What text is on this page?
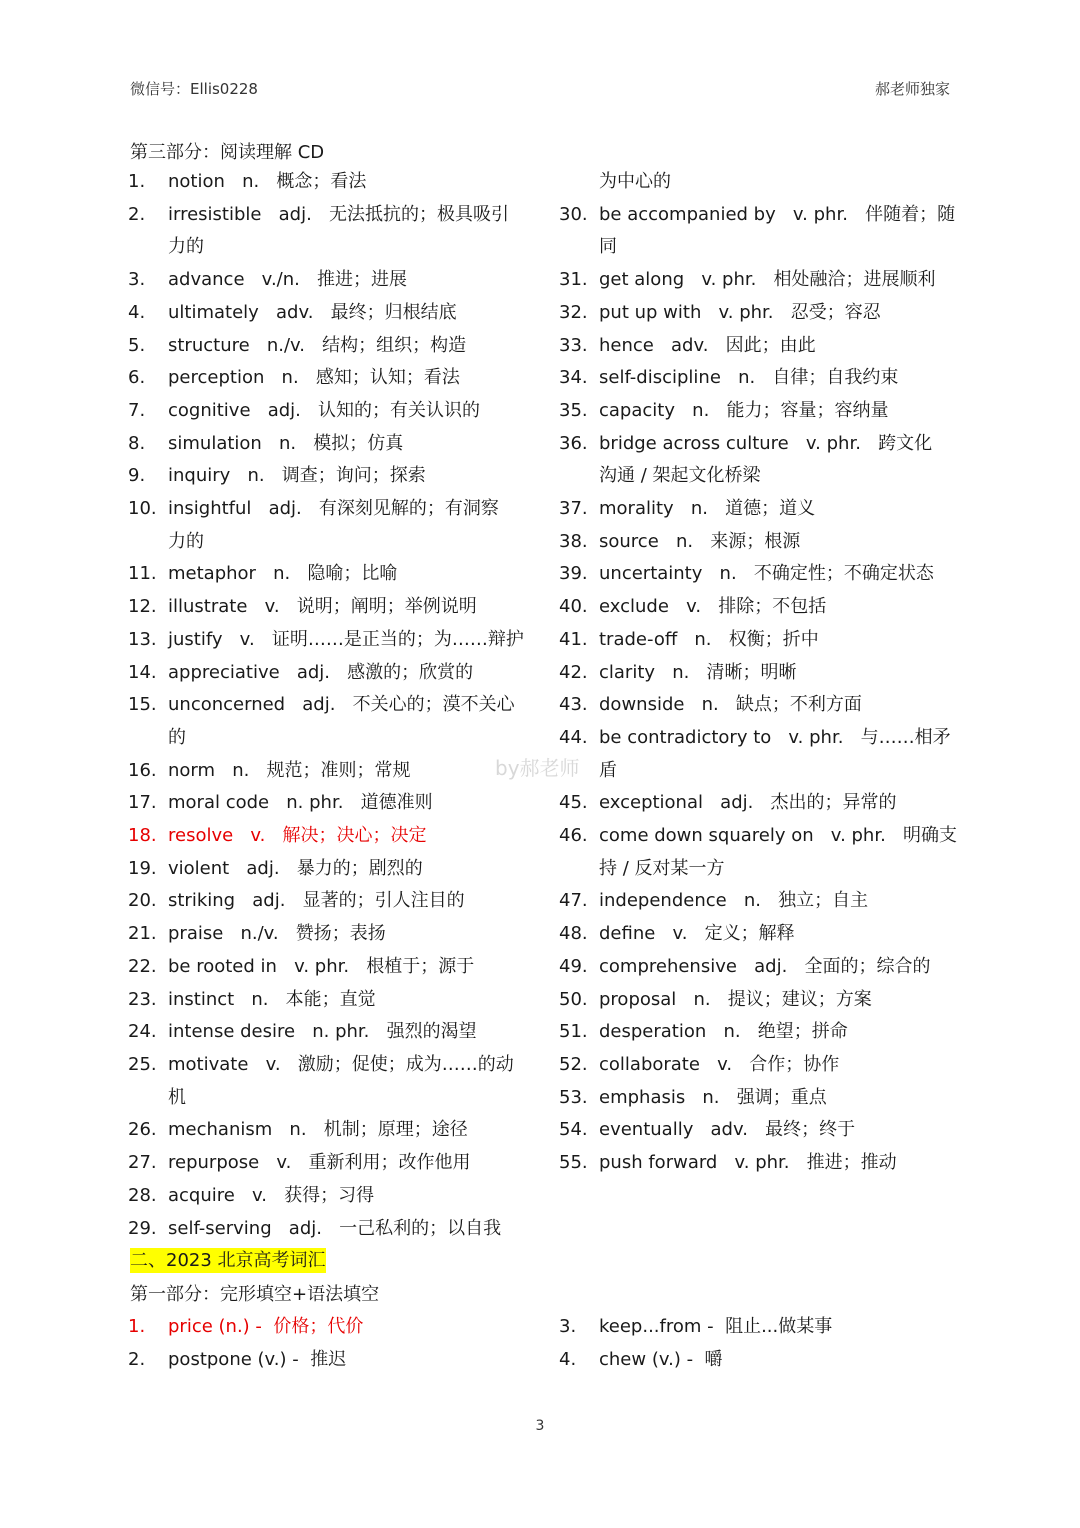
微信号：Ellis0228	郝老师独家
第三部分：阅读理解 CD
1.	notion   n.   概念；看法
2.	irresistible   adj.   无法抵抗的；极具吸引
力的
3.	advance   v./n.   推进；进展
4.	ultimately   adv.   最终；归根结底
5.	structure   n./v.   结构；组织；构造
6.	perception   n.   感知；认知；看法
7.	cognitive   adj.   认知的；有关认识的
8.	simulation   n.   模拟；仿真
9.	inquiry   n.   调查；询问；探索
10. insightful   adj.   有深刻见解的；有洞察
力的
11. metaphor   n.   隐喻；比喻
12. illustrate   v.   说明；阐明；举例说明
13. justify   v.   证明……是正当的；为……辩护
14. appreciative   adj.   感激的；欣赏的
15. unconcerned   adj.   不关心的；漠不关心
的
16. norm   n.   规范；准则；常规
17. moral code   n. phr.   道德准则
18. resolve   v.   解决；决心；决定
19. violent   adj.   暴力的；剧烈的
20. striking   adj.   显著的；引人注目的
21. praise   n./v.   赞扬；表扬
22. be rooted in   v. phr.   根植于；源于
23. instinct   n.   本能；直觉
24. intense desire   n. phr.   强烈的渴望
25. motivate   v.   激励；促使；成为……的动机
26. mechanism   n.   机制；原理；途径
27. repurpose   v.   重新利用；改作他用
28. acquire   v.   获得；习得
29. self-serving   adj.   一己私利的；以自我
为中心的
30. be accompanied by   v. phr.   伴随着；随
同
31. get along   v. phr.   相处融洽；进展顺利
32. put up with   v. phr.   忍受；容忍
33. hence   adv.   因此；由此
34. self-discipline   n.   自律；自我约束
35. capacity   n.   能力；容量；容纳量
36. bridge across culture   v. phr.   跨文化
沟通 / 架起文化桥梁
37. morality   n.   道德；道义
38. source   n.   来源；根源
39. uncertainty   n.   不确定性；不确定状态
40. exclude   v.   排除；不包括
41. trade-off   n.   权衡；折中
42. clarity   n.   清晰；明晰
43. downside   n.   缺点；不利方面
44. be contradictory to   v. phr.   与……相矛
盾
45. exceptional   adj.   杰出的；异常的
46. come down squarely on   v. phr.   明确支
持 / 反对某一方
47. independence   n.   独立；自主
48. define   v.   定义；解释
49. comprehensive   adj.   全面的；综合的
50. proposal   n.   提议；建议；方案
51. desperation   n.   绝望；拼命
52. collaborate   v.   合作；协作
53. emphasis   n.   强调；重点
54. eventually   adv.   最终；终于
55. push forward   v. phr.   推进；推动
by郝老师
二、2023 北京高考词汇
第一部分：完形填空+语法填空
1.	price (n.) -  价格；代价
2.	postpone (v.) -  推迟
3.	keep...from -  阻止...做某事
4.	chew (v.) -  嚼
3
